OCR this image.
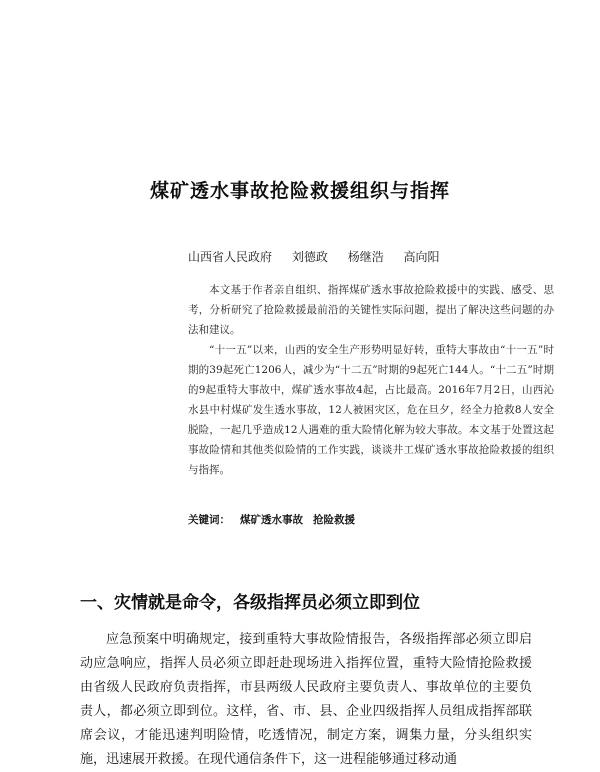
煤矿透水事故抢险救援组织与指挥
山西省人民政府 刘德政 杨继浩 高向阳

本文基于作者亲自组织、指挥煤矿透水事故抢险救援中的实践、感受、思考，分析研究了抢险救援最前沿的关键性实际问题，提出了解决这些问题的办法和建议。

“十一五”以来，山西的安全生产形势明显好转，重特大事故由“十一五”时期的39起死亡1206人，减少为“十二五”时期的9起死亡144人。“十二五”时期的9起重特大事故中，煤矿透水事故4起，占比最高。2016年7月2日，山西沁水县中村煤矿发生透水事故，12人被困灾区，危在旦夕，经全力抢救8人安全脱险，一起几乎造成12人遇难的重大险情化解为较大事故。本文基于处置这起事故险情和其他类似险情的工作实践，谈谈井工煤矿透水事故抢险救援的组织与指挥。

关键词： 煤矿透水事故 抢险救援
一、灾情就是命令，各级指挥员必须立即到位

应急预案中明确规定，接到重特大事故险情报告，各级指挥部必须立即启动应急响应，指挥人员必须立即赶赴现场进入指挥位置，重特大险情抢险救援由省级人民政府负责指挥，市县两级人民政府主要负责人、事故单位的主要负责人，都必须立即到位。这样，省、市、县、企业四级指挥人员组成指挥部联席会议，才能迅速判明险情，吃透情况，制定方案，调集力量，分头组织实施，迅速展开救援。在现代通信条件下，这一进程能够通过移动通
